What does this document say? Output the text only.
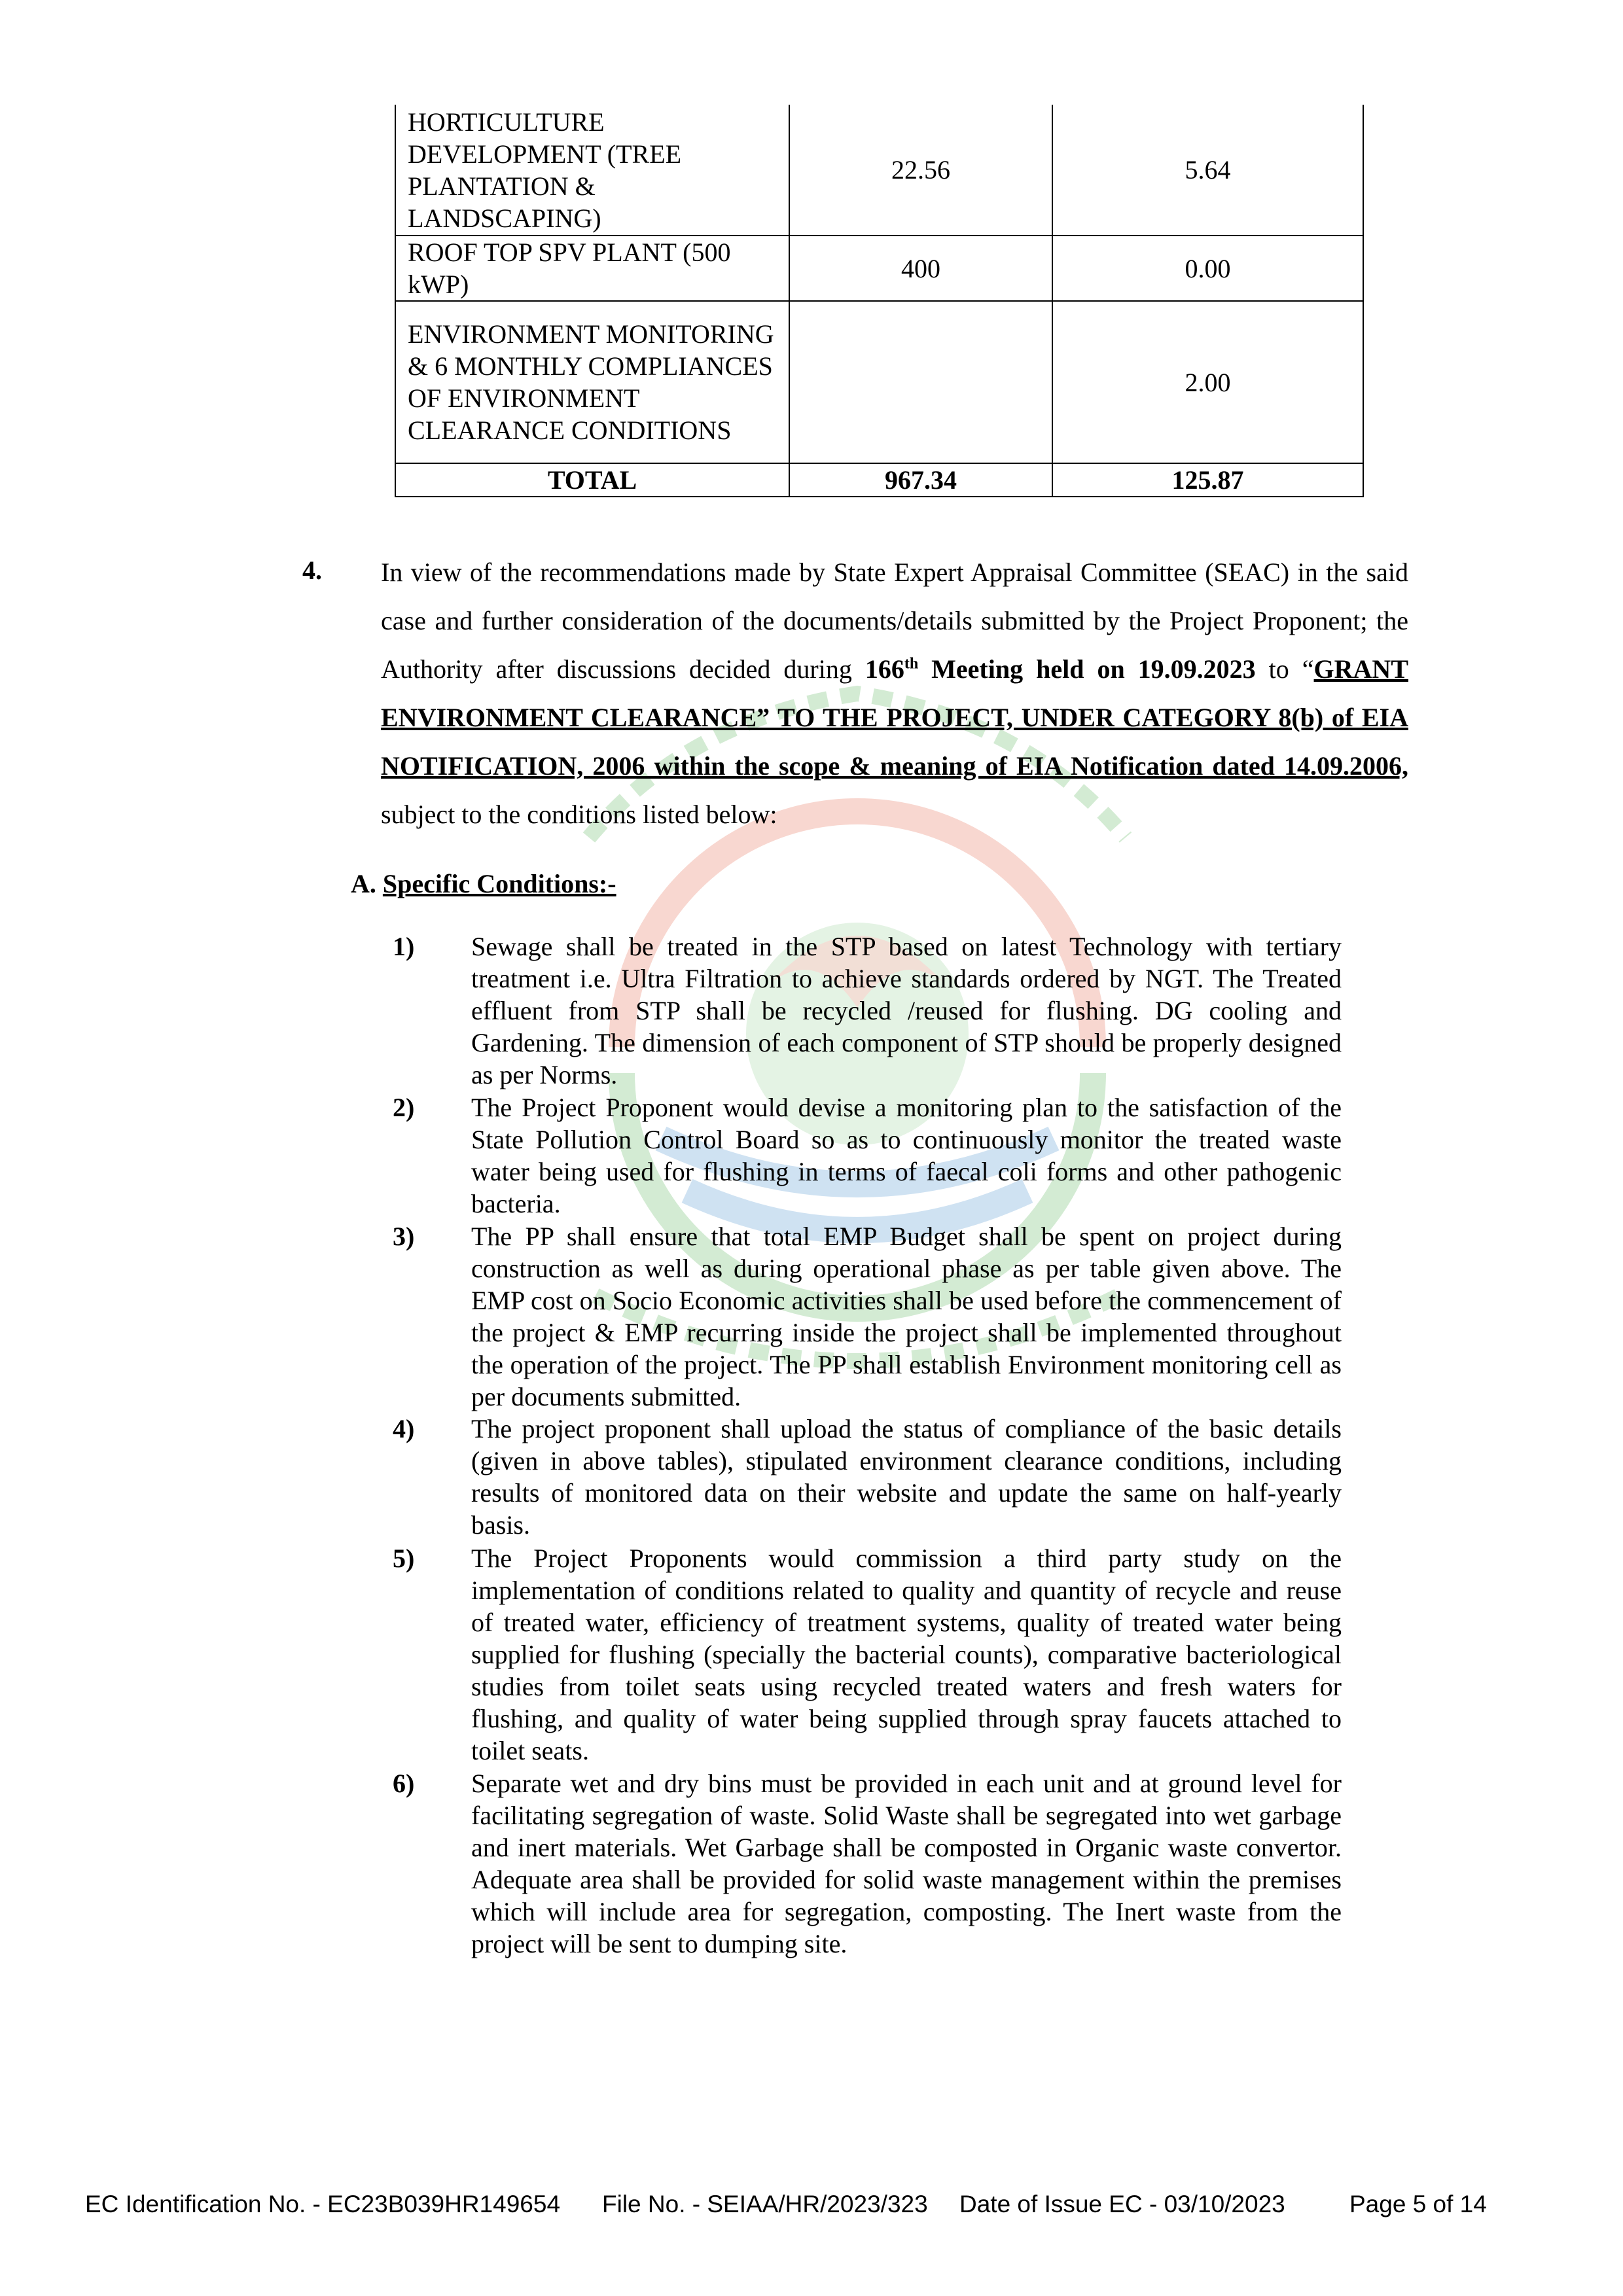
HORTICULTURE DEVELOPMENT (TREE PLANTATION & LANDSCAPING)	22.56	5.64
ROOF TOP SPV PLANT (500 kWP)	400	0.00
ENVIRONMENT MONITORING & 6 MONTHLY COMPLIANCES OF ENVIRONMENT CLEARANCE CONDITIONS		2.00
TOTAL	967.34	125.87
4. In view of the recommendations made by State Expert Appraisal Committee (SEAC) in the said case and further consideration of the documents/details submitted by the Project Proponent; the Authority after discussions decided during 166th Meeting held on 19.09.2023 to “GRANT ENVIRONMENT CLEARANCE” TO THE PROJECT, UNDER CATEGORY 8(b) of EIA NOTIFICATION, 2006 within the scope & meaning of EIA Notification dated 14.09.2006, subject to the conditions listed below:
A. Specific Conditions:-
1) Sewage shall be treated in the STP based on latest Technology with tertiary treatment i.e. Ultra Filtration to achieve standards ordered by NGT. The Treated effluent from STP shall be recycled /reused for flushing. DG cooling and Gardening. The dimension of each component of STP should be properly designed as per Norms.
2) The Project Proponent would devise a monitoring plan to the satisfaction of the State Pollution Control Board so as to continuously monitor the treated waste water being used for flushing in terms of faecal coli forms and other pathogenic bacteria.
3) The PP shall ensure that total EMP Budget shall be spent on project during construction as well as during operational phase as per table given above. The EMP cost on Socio Economic activities shall be used before the commencement of the project & EMP recurring inside the project shall be implemented throughout the operation of the project. The PP shall establish Environment monitoring cell as per documents submitted.
4) The project proponent shall upload the status of compliance of the basic details (given in above tables), stipulated environment clearance conditions, including results of monitored data on their website and update the same on half-yearly basis.
5) The Project Proponents would commission a third party study on the implementation of conditions related to quality and quantity of recycle and reuse of treated water, efficiency of treatment systems, quality of treated water being supplied for flushing (specially the bacterial counts), comparative bacteriological studies from toilet seats using recycled treated waters and fresh waters for flushing, and quality of water being supplied through spray faucets attached to toilet seats.
6) Separate wet and dry bins must be provided in each unit and at ground level for facilitating segregation of waste. Solid Waste shall be segregated into wet garbage and inert materials. Wet Garbage shall be composted in Organic waste convertor. Adequate area shall be provided for solid waste management within the premises which will include area for segregation, composting. The Inert waste from the project will be sent to dumping site.
EC Identification No. - EC23B039HR149654 File No. - SEIAA/HR/2023/323 Date of Issue EC - 03/10/2023	Page 5 of 14
